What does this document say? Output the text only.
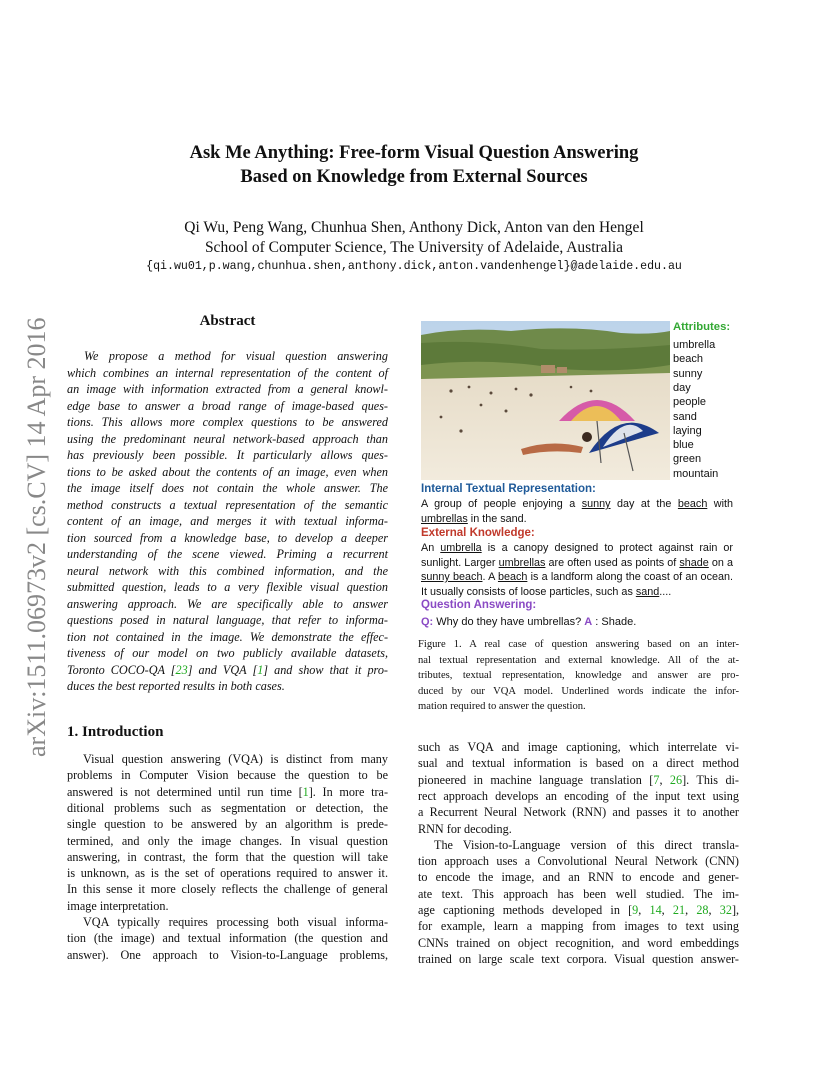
arXiv:1511.06973v2 [cs.CV] 14 Apr 2016
Ask Me Anything: Free-form Visual Question Answering
Based on Knowledge from External Sources
Qi Wu, Peng Wang, Chunhua Shen, Anthony Dick, Anton van den Hengel
School of Computer Science, The University of Adelaide, Australia
{qi.wu01,p.wang,chunhua.shen,anthony.dick,anton.vandenhengel}@adelaide.edu.au
Abstract
We propose a method for visual question answering
which combines an internal representation of the content of
an image with information extracted from a general knowl-
edge base to answer a broad range of image-based ques-
tions. This allows more complex questions to be answered
using the predominant neural network-based approach than
has previously been possible. It particularly allows ques-
tions to be asked about the contents of an image, even when
the image itself does not contain the whole answer. The
method constructs a textual representation of the semantic
content of an image, and merges it with textual informa-
tion sourced from a knowledge base, to develop a deeper
understanding of the scene viewed. Priming a recurrent
neural network with this combined information, and the
submitted question, leads to a very flexible visual question
answering approach. We are specifically able to answer
questions posed in natural language, that refer to informa-
tion not contained in the image. We demonstrate the effec-
tiveness of our model on two publicly available datasets,
Toronto COCO-QA [23] and VQA [1] and show that it pro-
duces the best reported results in both cases.
1. Introduction
Visual question answering (VQA) is distinct from many
problems in Computer Vision because the question to be
answered is not determined until run time [1]. In more tra-
ditional problems such as segmentation or detection, the
single question to be answered by an algorithm is prede-
termined, and only the image changes. In visual question
answering, in contrast, the form that the question will take
is unknown, as is the set of operations required to answer it.
In this sense it more closely reflects the challenge of general
image interpretation.
VQA typically requires processing both visual informa-
tion (the image) and textual information (the question and
answer). One approach to Vision-to-Language problems,
such as VQA and image captioning, which interrelate vi-
sual and textual information is based on a direct method
pioneered in machine language translation [7, 26]. This di-
rect approach develops an encoding of the input text using
a Recurrent Neural Network (RNN) and passes it to another
RNN for decoding.
The Vision-to-Language version of this direct transla-
tion approach uses a Convolutional Neural Network (CNN)
to encode the image, and an RNN to encode and gener-
ate text. This approach has been well studied. The im-
age captioning methods developed in [9, 14, 21, 28, 32],
for example, learn a mapping from images to text using
CNNs trained on object recognition, and word embeddings
trained on large scale text corpora. Visual question answer-
Attributes:
umbrella
beach
sunny
day
people
sand
laying
blue
green
mountain
Internal Textual Representation:
A group of people enjoying a sunny day at the beach with
umbrellas in the sand.
External Knowledge:
An umbrella is a canopy designed to protect against rain or
sunlight. Larger umbrellas are often used as points of shade on a
sunny beach. A beach is a landform along the coast of an ocean.
It usually consists of loose particles, such as sand....
Question Answering:
Q: Why do they have umbrellas? A : Shade.
Figure 1. A real case of question answering based on an inter-
nal textual representation and external knowledge. All of the at-
tributes, textual representation, knowledge and answer are pro-
duced by our VQA model. Underlined words indicate the infor-
mation required to answer the question.
